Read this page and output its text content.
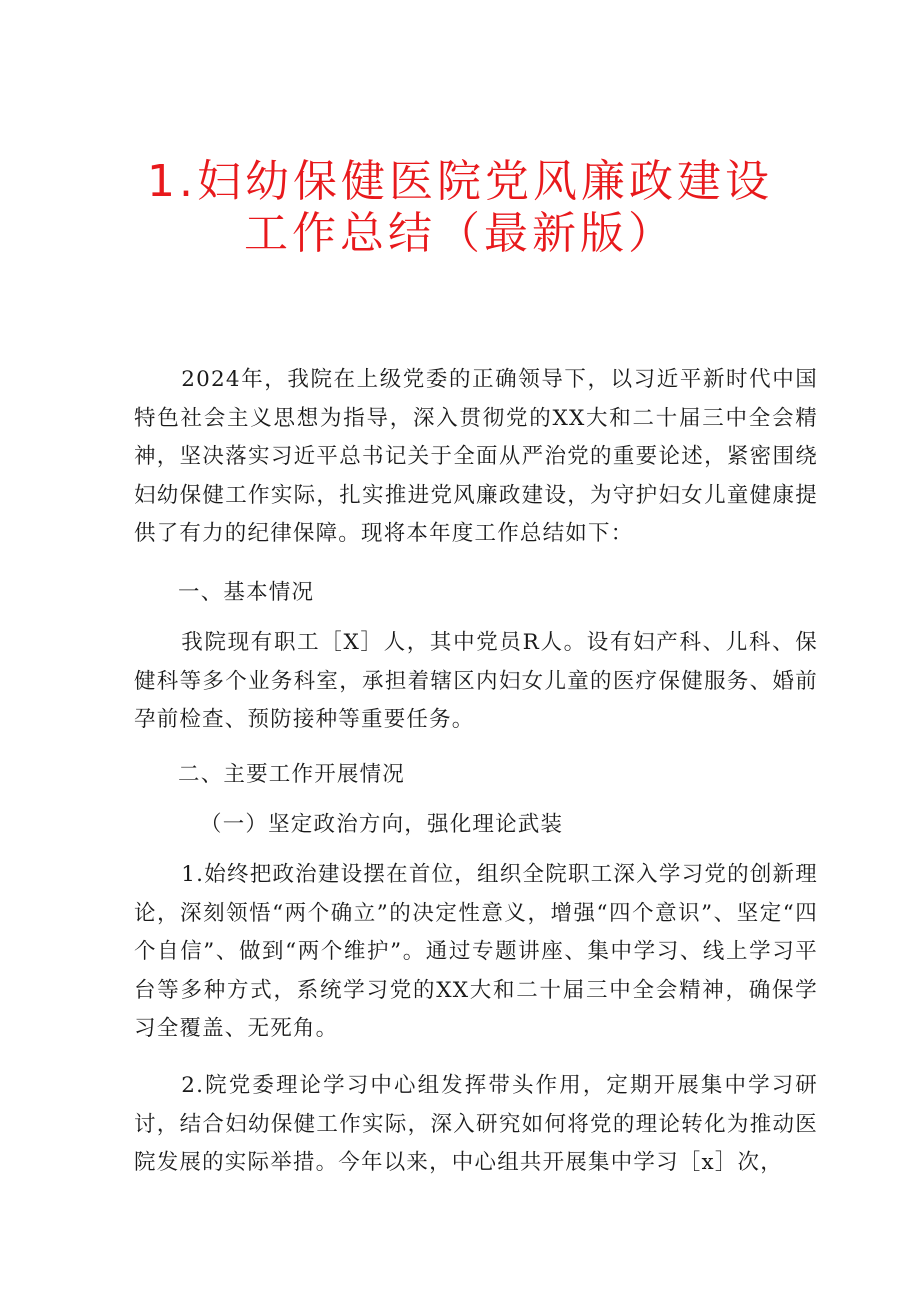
1.妇幼保健医院党风廉政建设
工作总结（最新版）

2024年，我院在上级党委的正确领导下，以习近平新时代中国特色社会主义思想为指导，深入贯彻党的XX大和二十届三中全会精神，坚决落实习近平总书记关于全面从严治党的重要论述，紧密围绕妇幼保健工作实际，扎实推进党风廉政建设，为守护妇女儿童健康提供了有力的纪律保障。现将本年度工作总结如下：

一、基本情况

我院现有职工［X］人，其中党员R人。设有妇产科、儿科、保健科等多个业务科室，承担着辖区内妇女儿童的医疗保健服务、婚前孕前检查、预防接种等重要任务。

二、主要工作开展情况

（一）坚定政治方向，强化理论武装

1.始终把政治建设摆在首位，组织全院职工深入学习党的创新理论，深刻领悟“两个确立”的决定性意义，增强“四个意识”、坚定“四个自信”、做到“两个维护”。通过专题讲座、集中学习、线上学习平台等多种方式，系统学习党的XX大和二十届三中全会精神，确保学习全覆盖、无死角。

2.院党委理论学习中心组发挥带头作用，定期开展集中学习研讨，结合妇幼保健工作实际，深入研究如何将党的理论转化为推动医院发展的实际举措。今年以来，中心组共开展集中学习［x］次，
